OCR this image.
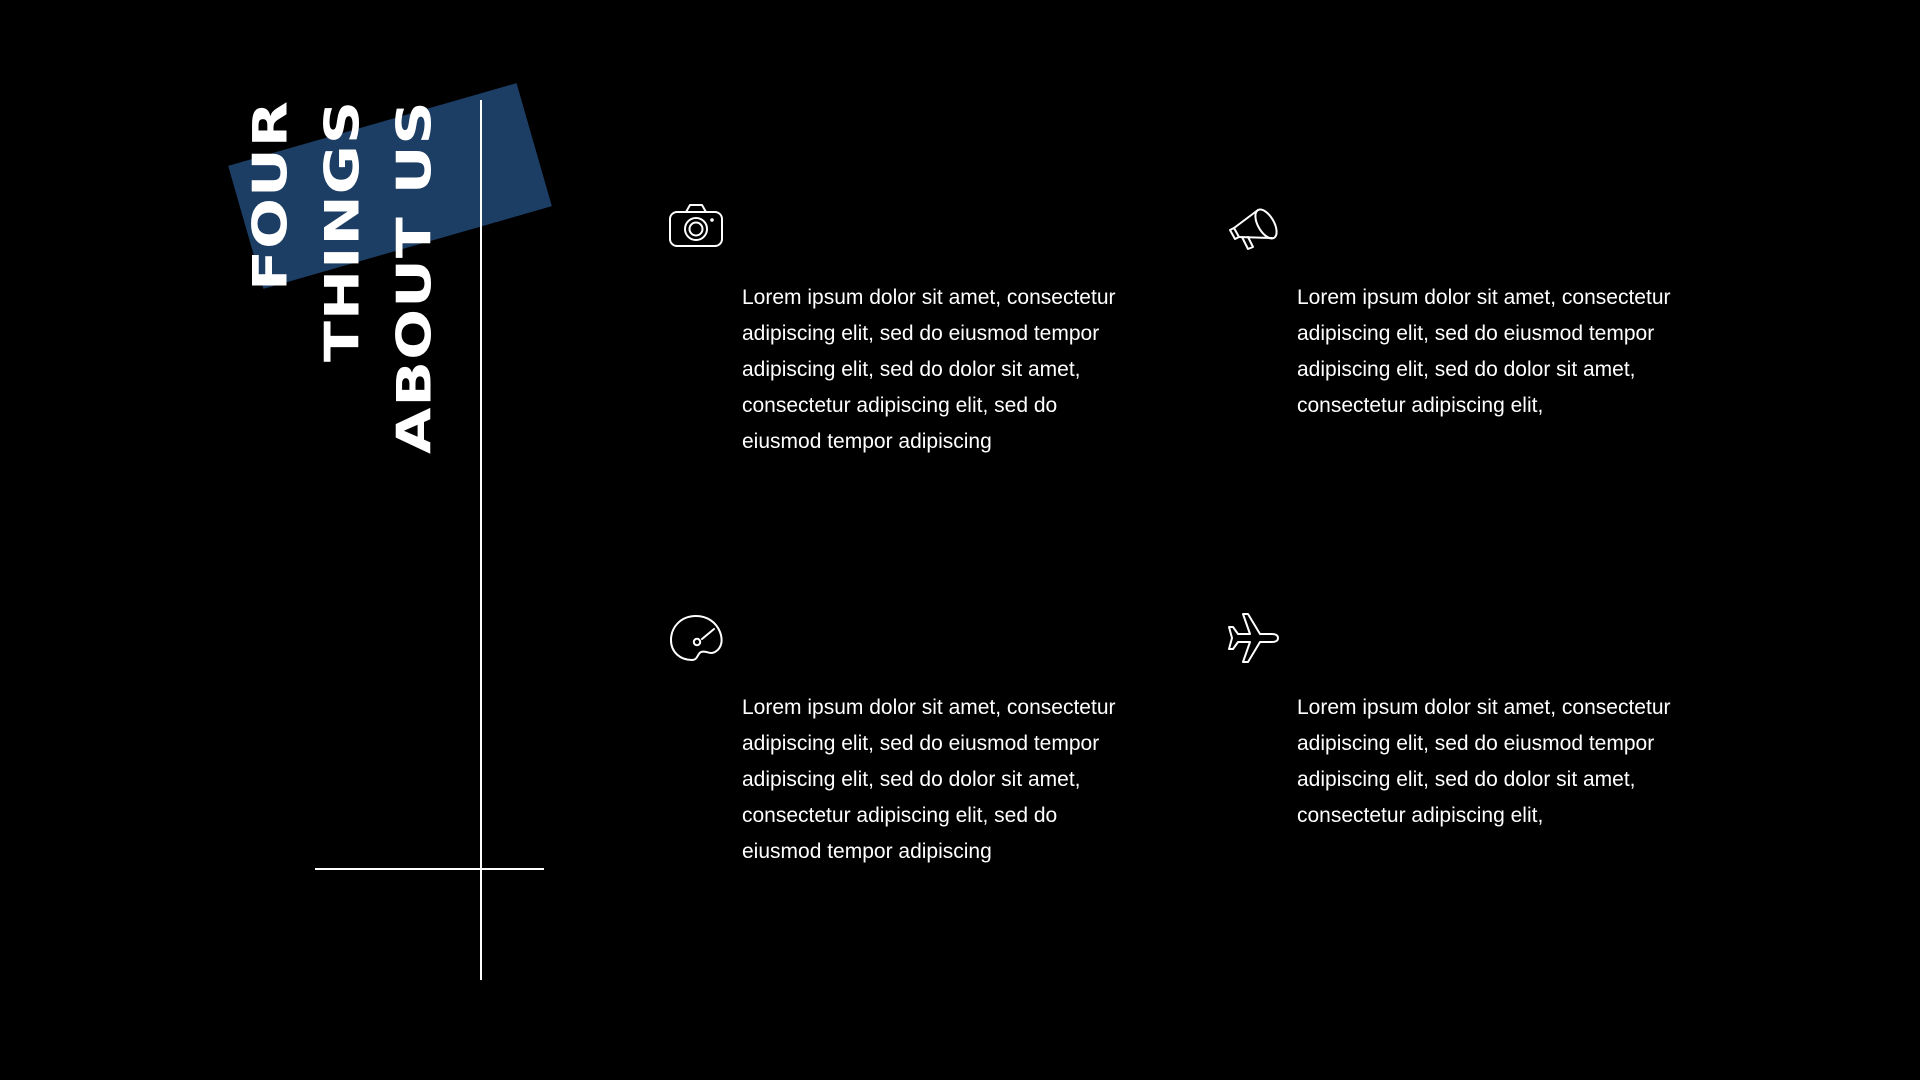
FOUR THINGS ABOUT US	Lorem ipsum dolor sit amet, consectetur adipiscing elit, sed do eiusmod tempor adipiscing elit, sed do dolor sit amet, consectetur adipiscing elit, sed do eiusmod tempor adipiscing

Lorem ipsum dolor sit amet, consectetur adipiscing elit, sed do eiusmod tempor adipiscing elit, sed do dolor sit amet, consectetur adipiscing elit,

Lorem ipsum dolor sit amet, consectetur adipiscing elit, sed do eiusmod tempor adipiscing elit, sed do dolor sit amet, consectetur adipiscing elit, sed do eiusmod tempor adipiscing

Lorem ipsum dolor sit amet, consectetur adipiscing elit, sed do eiusmod tempor adipiscing elit, sed do dolor sit amet, consectetur adipiscing elit,
